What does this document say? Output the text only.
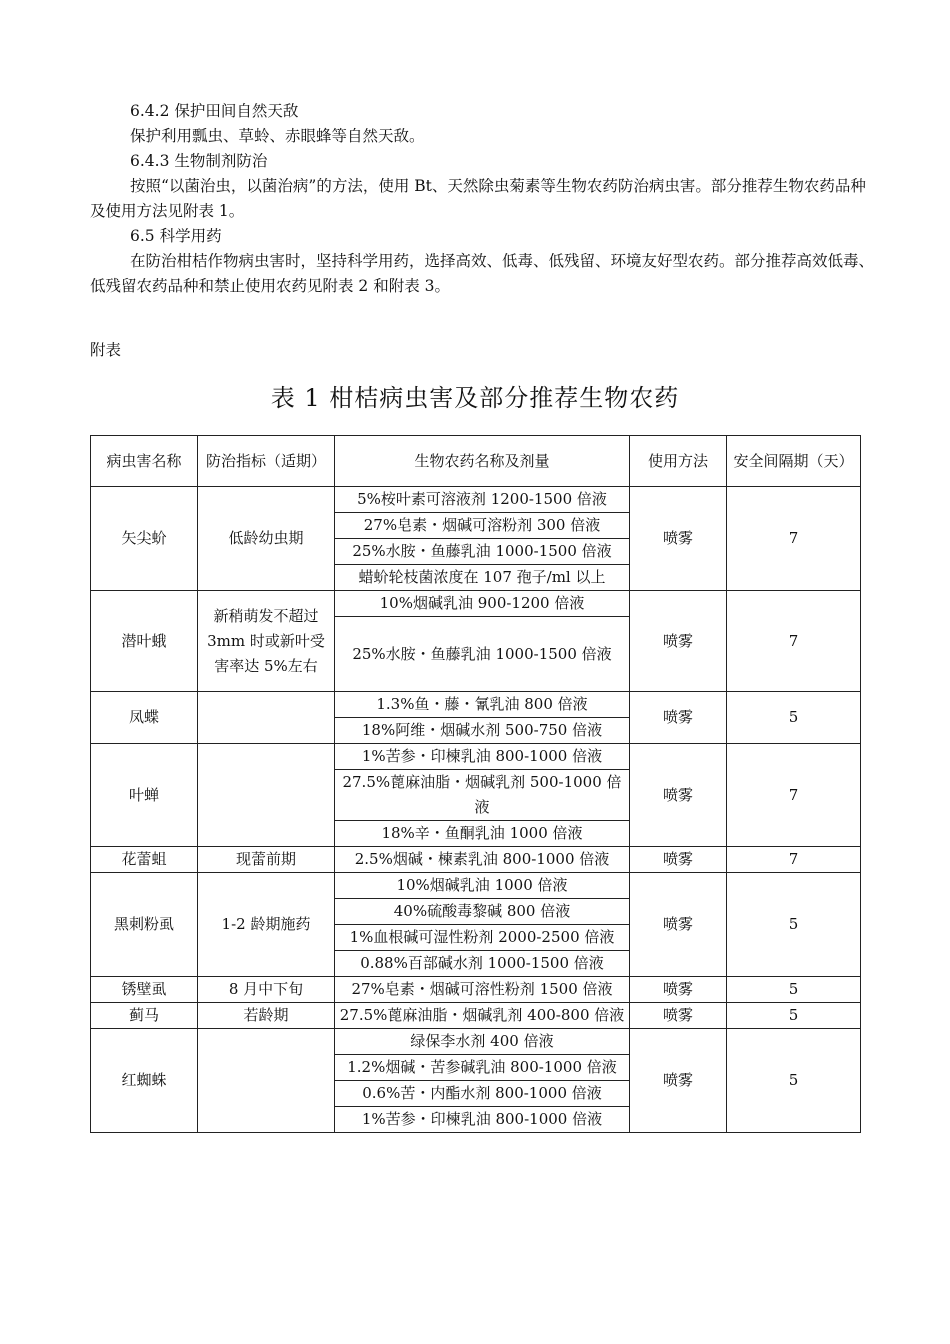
6.4.2 保护田间自然天敌
保护利用瓢虫、草蛉、赤眼蜂等自然天敌。
6.4.3 生物制剂防治
按照“以菌治虫，以菌治病”的方法，使用 Bt、天然除虫菊素等生物农药防治病虫害。部分推荐生物农药品种及使用方法见附表 1。
6.5 科学用药
在防治柑桔作物病虫害时，坚持科学用药，选择高效、低毒、低残留、环境友好型农药。部分推荐高效低毒、低残留农药品种和禁止使用农药见附表 2 和附表 3。
附表
表 1 柑桔病虫害及部分推荐生物农药
病虫害名称	防治指标（适期）	生物农药名称及剂量	使用方法	安全间隔期（天）
矢尖蚧	低龄幼虫期	5%桉叶素可溶液剂 1200-1500 倍液	喷雾	7
		27%皂素・烟碱可溶粉剂 300 倍液		
		25%水胺・鱼藤乳油 1000-1500 倍液		
		蜡蚧轮枝菌浓度在 107 孢子/ml 以上		
潜叶蛾	新稍萌发不超过 3mm 时或新叶受害率达 5%左右	10%烟碱乳油 900-1200 倍液	喷雾	7
		25%水胺・鱼藤乳油 1000-1500 倍液		
凤蝶		1.3%鱼・藤・氰乳油 800 倍液	喷雾	5
		18%阿维・烟碱水剂 500-750 倍液		
叶蝉		1%苦参・印楝乳油 800-1000 倍液	喷雾	7
		27.5%蓖麻油脂・烟碱乳剂 500-1000 倍液		
		18%辛・鱼酮乳油 1000 倍液		
花蕾蛆	现蕾前期	2.5%烟碱・楝素乳油 800-1000 倍液	喷雾	7
黑刺粉虱	1-2 龄期施药	10%烟碱乳油 1000 倍液	喷雾	5
		40%硫酸毒黎碱 800 倍液		
		1%血根碱可湿性粉剂 2000-2500 倍液		
		0.88%百部碱水剂 1000-1500 倍液		
锈壁虱	8 月中下旬	27%皂素・烟碱可溶性粉剂 1500 倍液	喷雾	5
蓟马	若龄期	27.5%蓖麻油脂・烟碱乳剂 400-800 倍液	喷雾	5
红蜘蛛		绿保李水剂 400 倍液	喷雾	5
		1.2%烟碱・苦参碱乳油 800-1000 倍液		
		0.6%苦・内酯水剂 800-1000 倍液		
		1%苦参・印楝乳油 800-1000 倍液		
